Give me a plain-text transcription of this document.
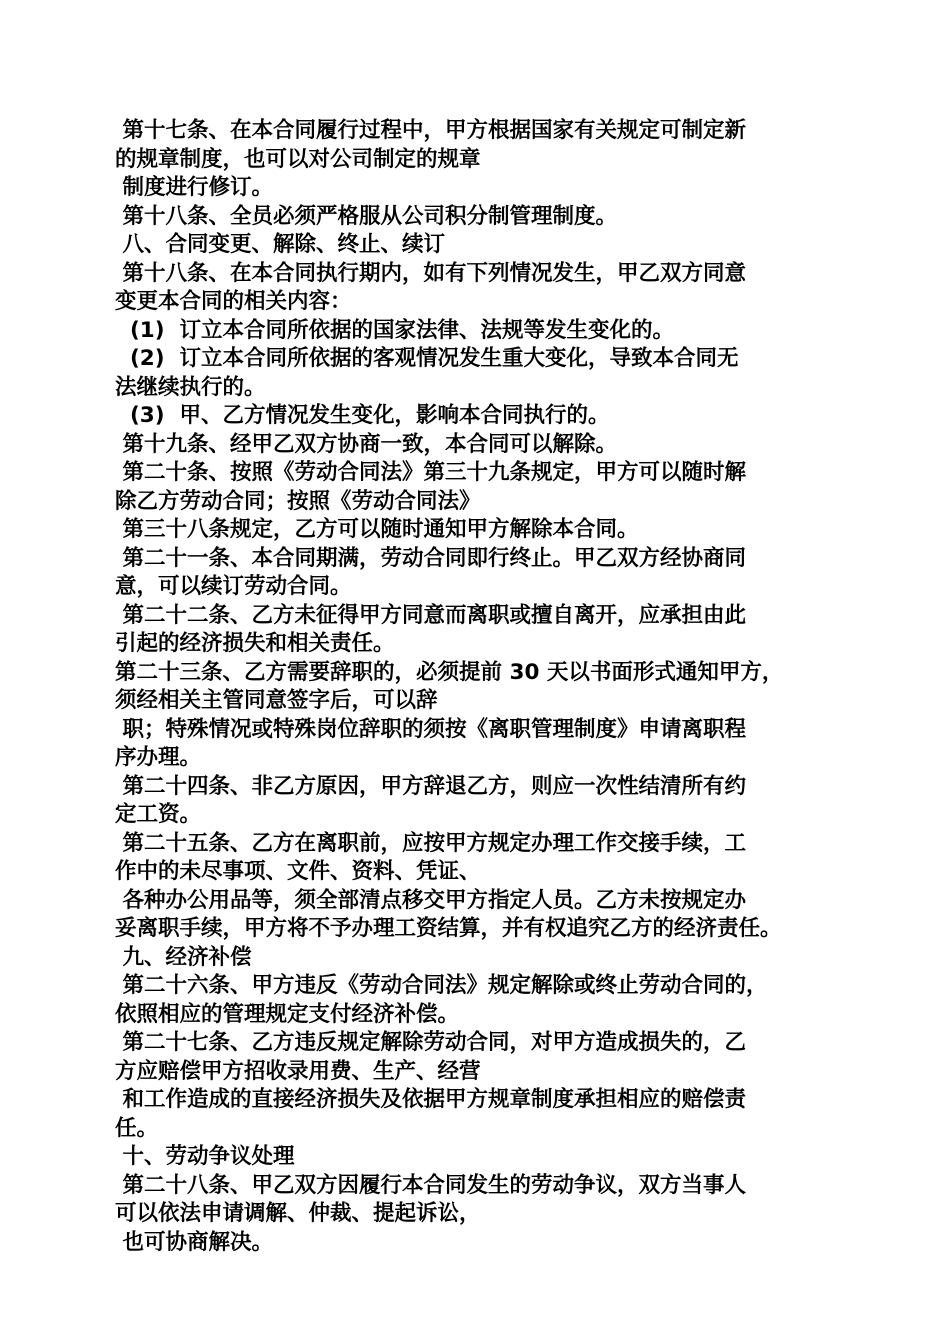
第十七条、在本合同履行过程中，甲方根据国家有关规定可制定新
的规章制度，也可以对公司制定的规章
制度进行修订。
第十八条、全员必须严格服从公司积分制管理制度。
八、合同变更、解除、终止、续订
第十八条、在本合同执行期内，如有下列情况发生，甲乙双方同意
变更本合同的相关内容：
(1)  订立本合同所依据的国家法律、法规等发生变化的。
(2)  订立本合同所依据的客观情况发生重大变化，导致本合同无
法继续执行的。
(3)  甲、乙方情况发生变化，影响本合同执行的。
第十九条、经甲乙双方协商一致，本合同可以解除。
第二十条、按照《劳动合同法》第三十九条规定，甲方可以随时解
除乙方劳动合同；按照《劳动合同法》
第三十八条规定，乙方可以随时通知甲方解除本合同。
第二十一条、本合同期满，劳动合同即行终止。甲乙双方经协商同
意，可以续订劳动合同。
第二十二条、乙方未征得甲方同意而离职或擅自离开，应承担由此
引起的经济损失和相关责任。
第二十三条、乙方需要辞职的，必须提前 30 天以书面形式通知甲方，
须经相关主管同意签字后，可以辞
职；特殊情况或特殊岗位辞职的须按《离职管理制度》申请离职程
序办理。
第二十四条、非乙方原因，甲方辞退乙方，则应一次性结清所有约
定工资。
第二十五条、乙方在离职前，应按甲方规定办理工作交接手续，工
作中的未尽事项、文件、资料、凭证、
各种办公用品等，须全部清点移交甲方指定人员。乙方未按规定办
妥离职手续，甲方将不予办理工资结算，并有权追究乙方的经济责任。
九、经济补偿
第二十六条、甲方违反《劳动合同法》规定解除或终止劳动合同的，
依照相应的管理规定支付经济补偿。
第二十七条、乙方违反规定解除劳动合同，对甲方造成损失的，乙
方应赔偿甲方招收录用费、生产、经营
和工作造成的直接经济损失及依据甲方规章制度承担相应的赔偿责
任。
十、劳动争议处理
第二十八条、甲乙双方因履行本合同发生的劳动争议，双方当事人
可以依法申请调解、仲裁、提起诉讼，
也可协商解决。
